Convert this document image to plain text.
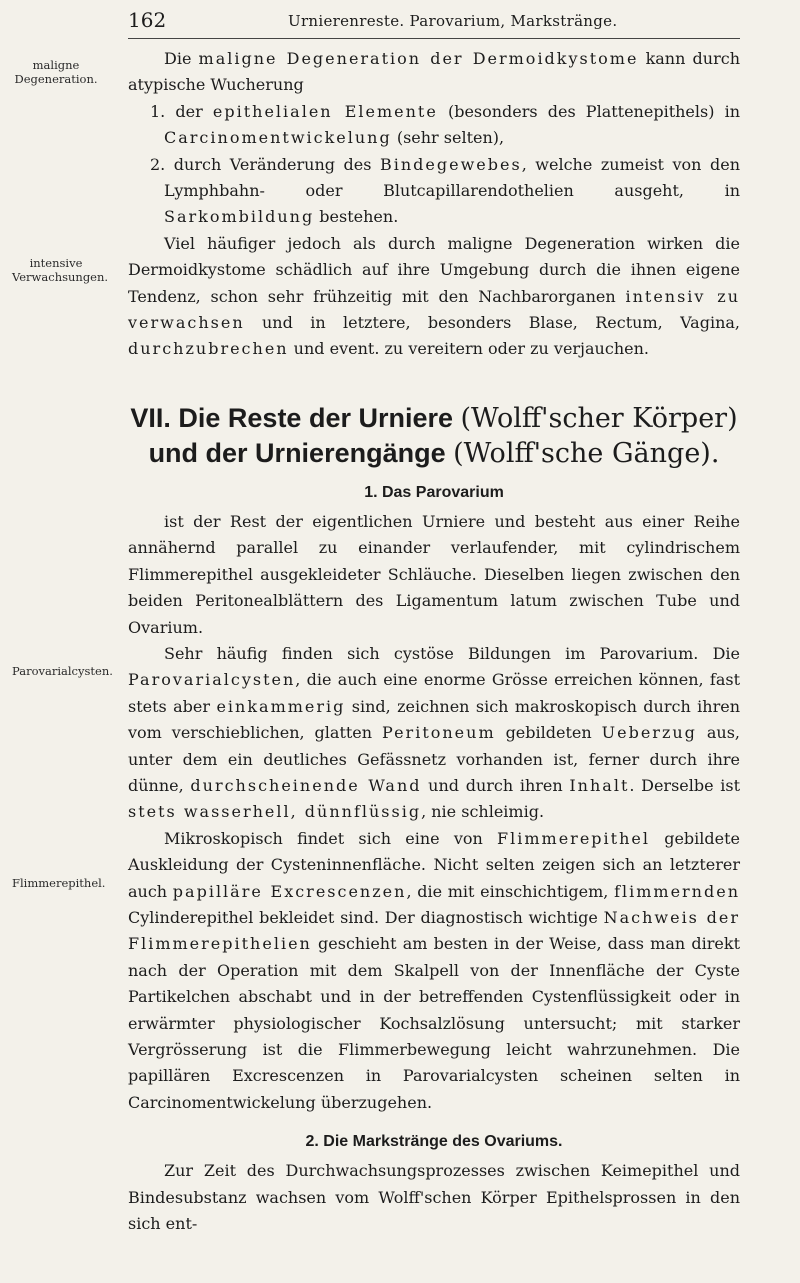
162	Urnierenreste. Parovarium, Markstränge.
maligne Degeneration.
intensive Verwachsungen.
Parovarialcysten.
Flimmerepithel.

Die maligne Degeneration der Dermoidkystome kann durch atypische Wucherung

1. der epithelialen Elemente (besonders des Plattenepithels) in Carcinomentwickelung (sehr selten),

2. durch Veränderung des Bindegewebes, welche zumeist von den Lymphbahn- oder Blutcapillarendothelien ausgeht, in Sarkombildung bestehen.

Viel häufiger jedoch als durch maligne Degeneration wirken die Dermoidkystome schädlich auf ihre Umgebung durch die ihnen eigene Tendenz, schon sehr frühzeitig mit den Nachbarorganen intensiv zu verwachsen und in letztere, besonders Blase, Rectum, Vagina, durchzubrechen und event. zu vereitern oder zu verjauchen.

VII. Die Reste der Urniere (Wolff'scher Körper)
und der Urnierengänge (Wolff'sche Gänge).
1. Das Parovarium

ist der Rest der eigentlichen Urniere und besteht aus einer Reihe annähernd parallel zu einander verlaufender, mit cylindrischem Flimmerepithel ausgekleideter Schläuche. Dieselben liegen zwischen den beiden Peritonealblättern des Ligamentum latum zwischen Tube und Ovarium.

Sehr häufig finden sich cystöse Bildungen im Parovarium. Die Parovarialcysten, die auch eine enorme Grösse erreichen können, fast stets aber einkammerig sind, zeichnen sich makroskopisch durch ihren vom verschieblichen, glatten Peritoneum gebildeten Ueberzug aus, unter dem ein deutliches Gefässnetz vorhanden ist, ferner durch ihre dünne, durchscheinende Wand und durch ihren Inhalt. Derselbe ist stets wasserhell, dünnflüssig, nie schleimig.

Mikroskopisch findet sich eine von Flimmerepithel gebildete Auskleidung der Cysteninnenfläche. Nicht selten zeigen sich an letzterer auch papilläre Excrescenzen, die mit einschichtigem, flimmernden Cylinderepithel bekleidet sind. Der diagnostisch wichtige Nachweis der Flimmerepithelien geschieht am besten in der Weise, dass man direkt nach der Operation mit dem Skalpell von der Innenfläche der Cyste Partikelchen abschabt und in der betreffenden Cystenflüssigkeit oder in erwärmter physiologischer Kochsalzlösung untersucht; mit starker Vergrösserung ist die Flimmerbewegung leicht wahrzunehmen. Die papillären Excrescenzen in Parovarialcysten scheinen selten in Carcinomentwickelung überzugehen.

2. Die Markstränge des Ovariums.

Zur Zeit des Durchwachsungsprozesses zwischen Keimepithel und Bindesubstanz wachsen vom Wolff'schen Körper Epithelsprossen in den sich ent-
